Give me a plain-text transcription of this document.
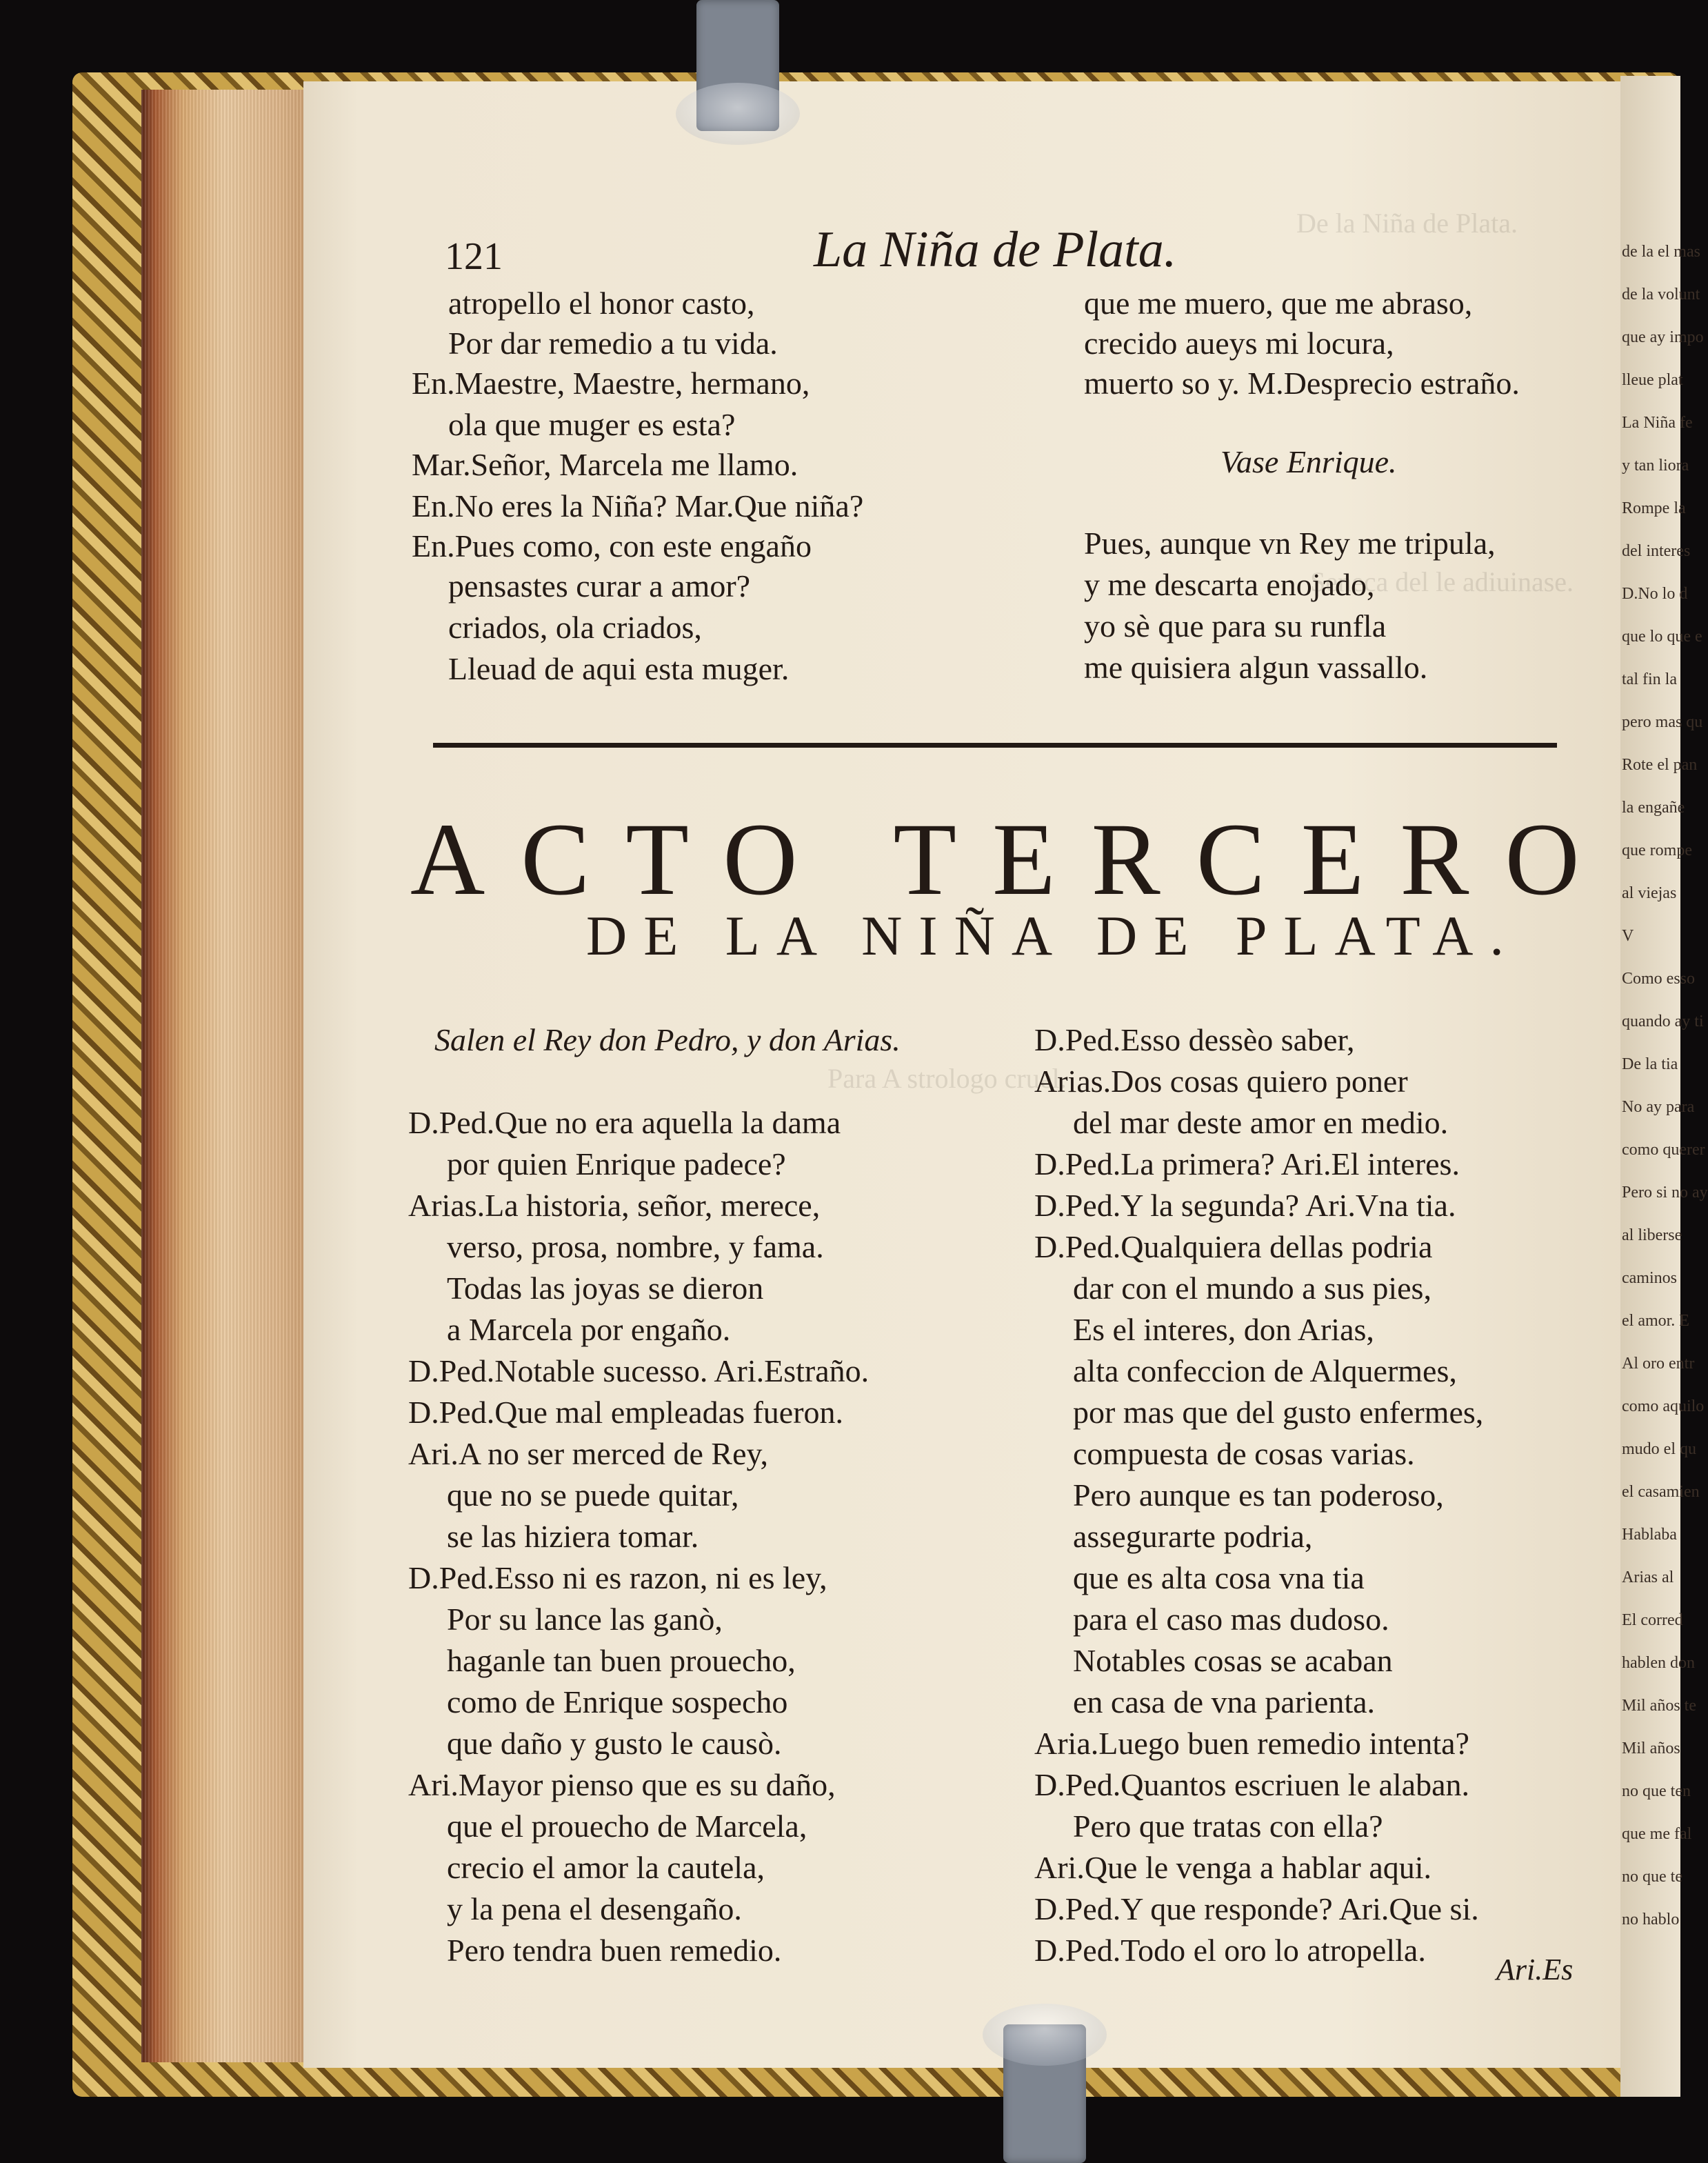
de la el mas
de la volunt
que ay impo
lleue plat
La Niña fe
y tan liora
Rompe la
del interes
D.No lo d
que lo que e
tal fin la
pero mas qu
Rote el pan
la engañe
que rompe
al viejas
V
Como esso
quando ay ti
De la tia
No ay para
como querer
Pero si no ay
al liberse
caminos
el amor. E
Al oro entr
como aquilo
mudo el qu
el casamien
Hablaba
Arias al
El corred
hablen don
Mil años te
Mil años
no que ten
que me fal
no que te
no hablo
De la Niña de Plata.
Seneca del le adiuinase.
Para A strologo cruel.
121	La Niña de Plata.
atropello el honor casto,
Por dar remedio a tu vida.
En.Maestre, Maestre, hermano,
ola que muger es esta?
Mar.Señor, Marcela me llamo.
En.No eres la Niña? Mar.Que niña?
En.Pues como, con este engaño
pensastes curar a amor?
criados, ola criados,
Lleuad de aqui esta muger.
que me muero, que me abraso,
crecido aueys mi locura,
muerto so y. M.Desprecio estraño.
Vase Enrique.
Pues, aunque vn Rey me tripula,
y me descarta enojado,
yo sè que para su runfla
me quisiera algun vassallo.
ACTO TERCERO
DE LA NIÑA DE PLATA.
Salen el Rey don Pedro, y don Arias.
D.Ped.Que no era aquella la dama
por quien Enrique padece?
Arias.La historia, señor, merece,
verso, prosa, nombre, y fama.
Todas las joyas se dieron
a Marcela por engaño.
D.Ped.Notable sucesso. Ari.Estraño.
D.Ped.Que mal empleadas fueron.
Ari.A no ser merced de Rey,
que no se puede quitar,
se las hiziera tomar.
D.Ped.Esso ni es razon, ni es ley,
Por su lance las ganò,
haganle tan buen prouecho,
como de Enrique sospecho
que daño y gusto le causò.
Ari.Mayor pienso que es su daño,
que el prouecho de Marcela,
crecio el amor la cautela,
y la pena el desengaño.
Pero tendra buen remedio.
D.Ped.Esso dessèo saber,
Arias.Dos cosas quiero poner
del mar deste amor en medio.
D.Ped.La primera? Ari.El interes.
D.Ped.Y la segunda? Ari.Vna tia.
D.Ped.Qualquiera dellas podria
dar con el mundo a sus pies,
Es el interes, don Arias,
alta confeccion de Alquermes,
por mas que del gusto enfermes,
compuesta de cosas varias.
Pero aunque es tan poderoso,
assegurarte podria,
que es alta cosa vna tia
para el caso mas dudoso.
Notables cosas se acaban
en casa de vna parienta.
Aria.Luego buen remedio intenta?
D.Ped.Quantos escriuen le alaban.
Pero que tratas con ella?
Ari.Que le venga a hablar aqui.
D.Ped.Y que responde? Ari.Que si.
D.Ped.Todo el oro lo atropella.
Ari.Es
